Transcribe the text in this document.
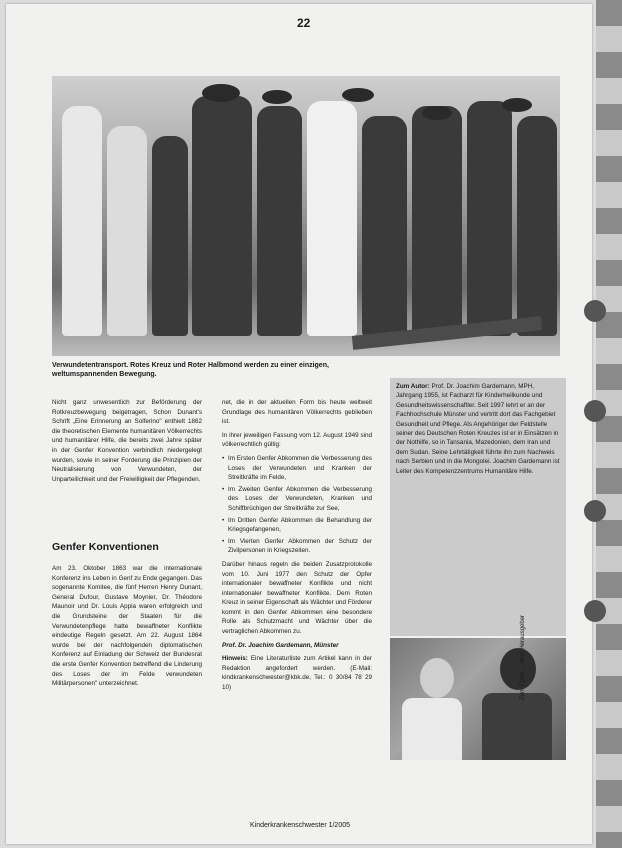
22
Verwundetentransport. Rotes Kreuz und Roter Halbmond werden zu einer einzigen, weltumspannenden Bewegung.

Nicht ganz unwesentlich zur Beförderung der Rotkreuzbewegung beigetragen, Schon Dunant's Schrift „Eine Erinnerung an Solferino" enthielt 1862 die theoretischen Elemente humanitären Völkerrechts und humanitärer Hilfe, die bereits zwei Jahre später in der Genfer Konvention verbindlich niedergelegt wurden, sowie in seiner Forderung die Prinzipien der Neutralisierung von Verwundeten, der Unparteilichkeit und der Freiwilligkeit der Pflegenden.

Genfer Konventionen

Am 23. Oktober 1863 war die internationale Konferenz ins Leben in Genf zu Ende gegangen. Das sogenannte Komitee, die fünf Herren Henry Dunant, General Dufour, Gustave Moynier, Dr. Théodore Maunoir und Dr. Louis Appia waren erfolgreich und die Grundsteine der Staaten für die Verwundetenpflege hatte bewaffneter Konflikte eindeutige Regeln gesetzt. Am 22. August 1864 wurde bei der nachfolgenden diplomatischen Konferenz auf Einladung der Schweiz der Bundesrat die erste Genfer Konvention betreffend die Linderung des Loses der im Felde verwundeten Militärpersonen" unterzeichnet.

net, die in der aktuellen Form bis heute weltweit Grundlage des humanitären Völkerrechts geblieben ist.

In ihrer jeweiligen Fassung vom 12. August 1949 sind völkerrechtlich gültig:

• Im Ersten Genfer Abkommen die Verbesserung des Loses der Verwundeten und Kranken der Streitkräfte im Felde,
• Im Zweiten Genfer Abkommen die Verbesserung des Loses der Verwundeten, Kranken und Schiffbrüchigen der Streitkräfte zur See,
• Im Dritten Genfer Abkommen die Behandlung der Kriegsgefangenen,
• Im Vierten Genfer Abkommen der Schutz der Zivilpersonen in Kriegszeiten.

Darüber hinaus regeln die beiden Zusatzprotokolle vom 10. Juni 1977 den Schutz der Opfer internationaler bewaffneter Konflikte und nicht internationaler bewaffneter Konflikte. Dem Roten Kreuz in seiner Eigenschaft als Wächter und Förderer kommt in den Genfer Abkommen eine besondere Rolle als Schutzmacht und Wächter über die vertraglichen Abkommen zu.

Prof. Dr. Joachim Gardemann, Münster

Hinweis: Eine Literaturliste zum Artikel kann in der Redaktion angefordert werden. (E-Mail: kindkrankenschwester@kbk.de, Tel.: 0 30/84 78 29 10)

Zum Autor: Prof. Dr. Joachim Gardemann, MPH, Jahrgang 1955, ist Facharzt für Kinderheilkunde und Gesundheitswissenschaftler. Seit 1997 lehrt er an der Fachhochschule Münster und vertritt dort das Fachgebiet Gesundheit und Pflege. Als Angehöriger der Feldstelle seiner des Deutschen Roten Kreuzes ist er in Einsätzen in der Nothilfe, so in Tansania, Mazedonien, dem Iran und dem Sudan. Seine Lehrtätigkeit führte ihn zum Nachweis nach Serbien und in die Mongolei. Joachim Gardemann ist Leiter des Kompetenzzentrums Humanitäre Hilfe.
Zum Fotos ... dem Herausgeber
Kinderkrankenschwester 1/2005
